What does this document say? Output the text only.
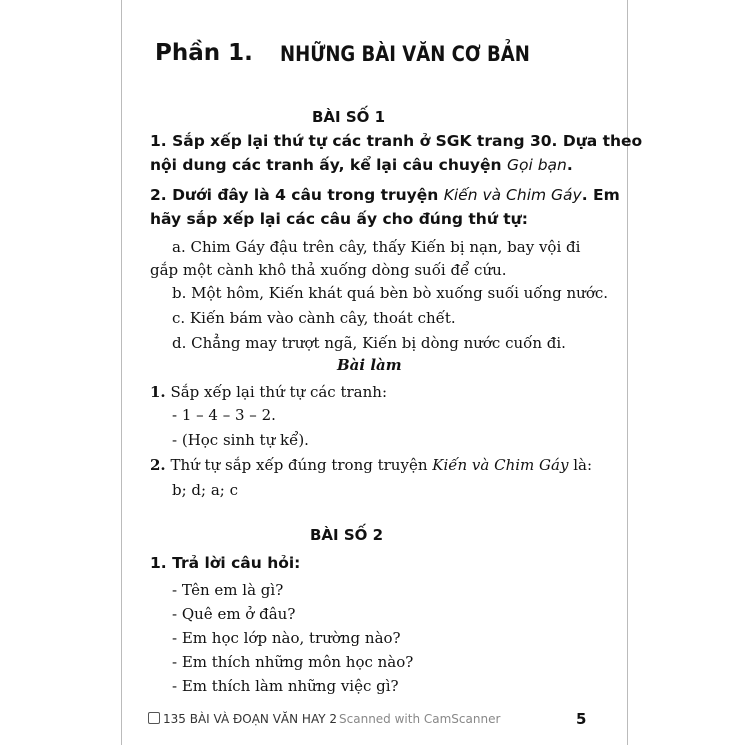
Phần 1. NHỮNG BÀI VĂN CƠ BẢN
BÀI SỐ 1
1. Sắp xếp lại thứ tự các tranh ở SGK trang 30. Dựa theo
nội dung các tranh ấy, kể lại câu chuyện Gọi bạn.
2. Dưới đây là 4 câu trong truyện Kiến và Chim Gáy. Em
hãy sắp xếp lại các câu ấy cho đúng thứ tự:
a. Chim Gáy đậu trên cây, thấy Kiến bị nạn, bay vội đi
gắp một cành khô thả xuống dòng suối để cứu.
b. Một hôm, Kiến khát quá bèn bò xuống suối uống nước.
c. Kiến bám vào cành cây, thoát chết.
d. Chẳng may trượt ngã, Kiến bị dòng nước cuốn đi.
Bài làm
1. Sắp xếp lại thứ tự các tranh:
- 1 – 4 – 3 – 2.
- (Học sinh tự kể).
2. Thứ tự sắp xếp đúng trong truyện Kiến và Chim Gáy là:
b; d; a; c
BÀI SỐ 2
1. Trả lời câu hỏi:
- Tên em là gì?
- Quê em ở đâu?
- Em học lớp nào, trường nào?
- Em thích những môn học nào?
- Em thích làm những việc gì?
135 BÀI VÀ ĐOẠN VĂN HAY 2 Scanned with CamScanner	5
